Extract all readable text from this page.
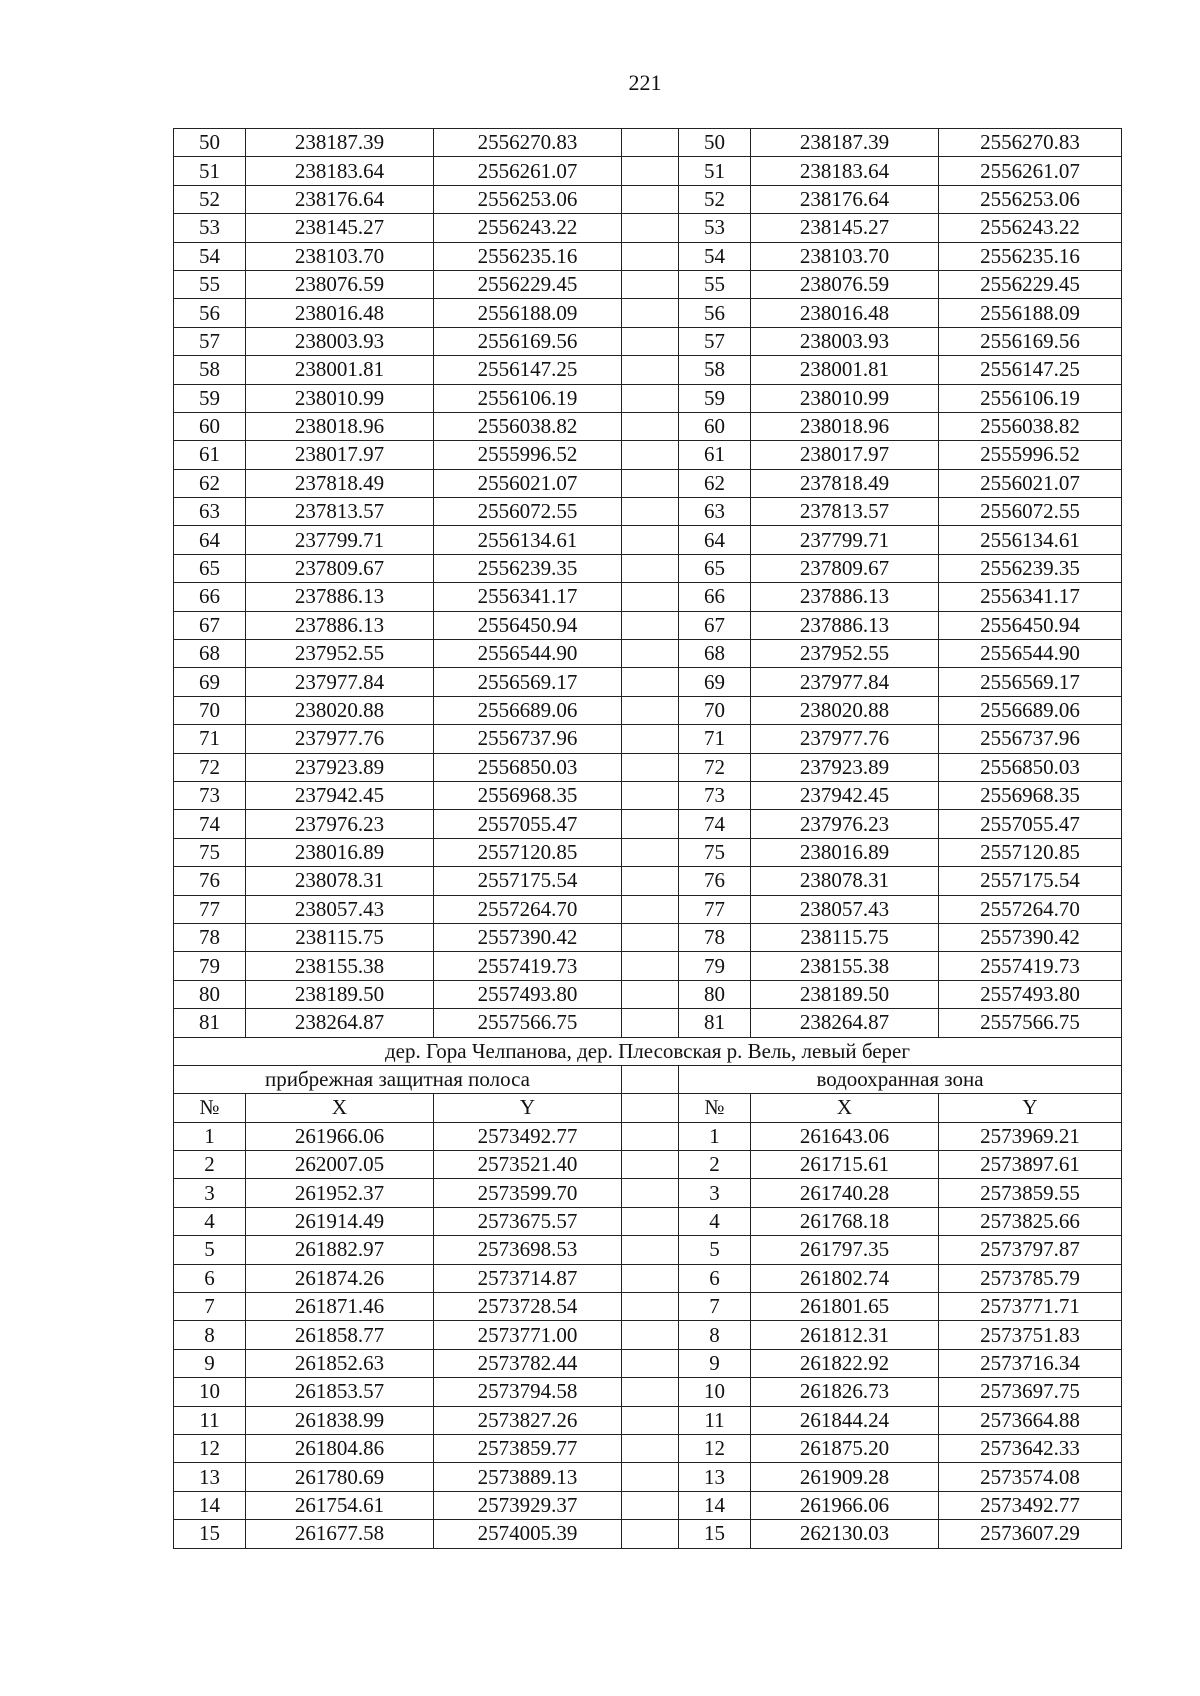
221
50	238187.39	2556270.83		50	238187.39	2556270.83
51	238183.64	2556261.07		51	238183.64	2556261.07
52	238176.64	2556253.06		52	238176.64	2556253.06
53	238145.27	2556243.22		53	238145.27	2556243.22
54	238103.70	2556235.16		54	238103.70	2556235.16
55	238076.59	2556229.45		55	238076.59	2556229.45
56	238016.48	2556188.09		56	238016.48	2556188.09
57	238003.93	2556169.56		57	238003.93	2556169.56
58	238001.81	2556147.25		58	238001.81	2556147.25
59	238010.99	2556106.19		59	238010.99	2556106.19
60	238018.96	2556038.82		60	238018.96	2556038.82
61	238017.97	2555996.52		61	238017.97	2555996.52
62	237818.49	2556021.07		62	237818.49	2556021.07
63	237813.57	2556072.55		63	237813.57	2556072.55
64	237799.71	2556134.61		64	237799.71	2556134.61
65	237809.67	2556239.35		65	237809.67	2556239.35
66	237886.13	2556341.17		66	237886.13	2556341.17
67	237886.13	2556450.94		67	237886.13	2556450.94
68	237952.55	2556544.90		68	237952.55	2556544.90
69	237977.84	2556569.17		69	237977.84	2556569.17
70	238020.88	2556689.06		70	238020.88	2556689.06
71	237977.76	2556737.96		71	237977.76	2556737.96
72	237923.89	2556850.03		72	237923.89	2556850.03
73	237942.45	2556968.35		73	237942.45	2556968.35
74	237976.23	2557055.47		74	237976.23	2557055.47
75	238016.89	2557120.85		75	238016.89	2557120.85
76	238078.31	2557175.54		76	238078.31	2557175.54
77	238057.43	2557264.70		77	238057.43	2557264.70
78	238115.75	2557390.42		78	238115.75	2557390.42
79	238155.38	2557419.73		79	238155.38	2557419.73
80	238189.50	2557493.80		80	238189.50	2557493.80
81	238264.87	2557566.75		81	238264.87	2557566.75
дер. Гора Челпанова, дер. Плесовская р. Вель, левый берег						
прибрежная защитная полоса				водоохранная зона		
№	X	Y		№	X	Y
1	261966.06	2573492.77		1	261643.06	2573969.21
2	262007.05	2573521.40		2	261715.61	2573897.61
3	261952.37	2573599.70		3	261740.28	2573859.55
4	261914.49	2573675.57		4	261768.18	2573825.66
5	261882.97	2573698.53		5	261797.35	2573797.87
6	261874.26	2573714.87		6	261802.74	2573785.79
7	261871.46	2573728.54		7	261801.65	2573771.71
8	261858.77	2573771.00		8	261812.31	2573751.83
9	261852.63	2573782.44		9	261822.92	2573716.34
10	261853.57	2573794.58		10	261826.73	2573697.75
11	261838.99	2573827.26		11	261844.24	2573664.88
12	261804.86	2573859.77		12	261875.20	2573642.33
13	261780.69	2573889.13		13	261909.28	2573574.08
14	261754.61	2573929.37		14	261966.06	2573492.77
15	261677.58	2574005.39		15	262130.03	2573607.29
